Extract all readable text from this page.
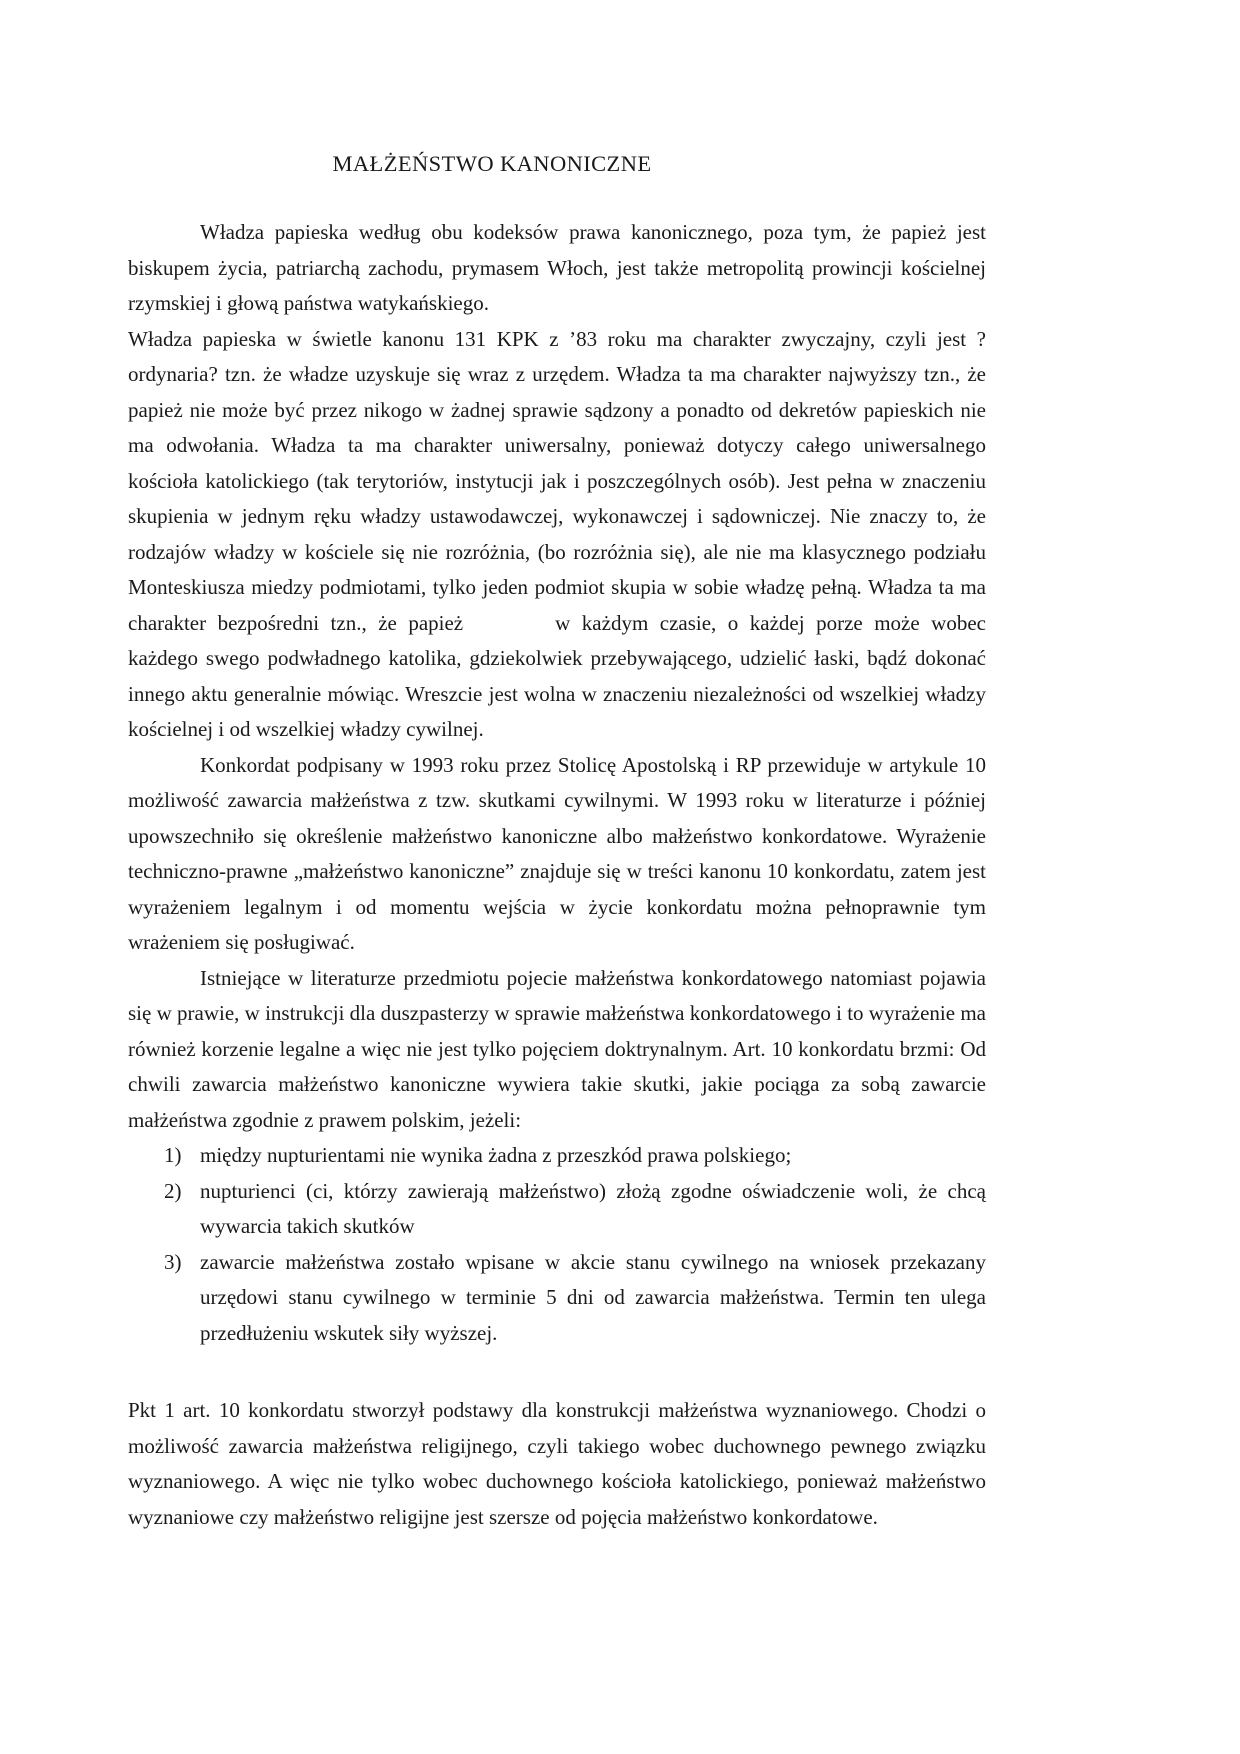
MAŁŻEŃSTWO KANONICZNE

Władza papieska według obu kodeksów prawa kanonicznego, poza tym, że papież jest biskupem życia, patriarchą zachodu, prymasem Włoch, jest także metropolitą prowincji kościelnej rzymskiej i głową państwa watykańskiego.

Władza papieska w świetle kanonu 131 KPK z ’83 roku ma charakter zwyczajny, czyli jest ? ordynaria? tzn. że władze uzyskuje się wraz z urzędem. Władza ta ma charakter najwyższy tzn., że papież nie może być przez nikogo w żadnej sprawie sądzony a ponadto od dekretów papieskich nie ma odwołania. Władza ta ma charakter uniwersalny, ponieważ dotyczy całego uniwersalnego kościoła katolickiego (tak terytoriów, instytucji jak i poszczególnych osób). Jest pełna w znaczeniu skupienia w jednym ręku władzy ustawodawczej, wykonawczej i sądowniczej. Nie znaczy to, że rodzajów władzy w kościele się nie rozróżnia, (bo rozróżnia się), ale nie ma klasycznego podziału Monteskiusza miedzy podmiotami, tylko jeden podmiot skupia w sobie władzę pełną. Władza ta ma charakter bezpośredni tzn., że papież	w każdym czasie, o każdej porze może wobec każdego swego podwładnego katolika, gdziekolwiek przebywającego, udzielić łaski, bądź dokonać innego aktu generalnie mówiąc. Wreszcie jest wolna w znaczeniu niezależności od wszelkiej władzy kościelnej i od wszelkiej władzy cywilnej.

Konkordat podpisany w 1993 roku przez Stolicę Apostolską i RP przewiduje w artykule 10 możliwość zawarcia małżeństwa z tzw. skutkami cywilnymi. W 1993 roku w literaturze i później upowszechniło się określenie małżeństwo kanoniczne albo małżeństwo konkordatowe. Wyrażenie techniczno-prawne „małżeństwo kanoniczne” znajduje się w treści kanonu 10 konkordatu, zatem jest wyrażeniem legalnym i od momentu wejścia w życie konkordatu można pełnoprawnie tym wrażeniem się posługiwać.

Istniejące w literaturze przedmiotu pojecie małżeństwa konkordatowego natomiast pojawia się w prawie, w instrukcji dla duszpasterzy w sprawie małżeństwa konkordatowego i to wyrażenie ma również korzenie legalne a więc nie jest tylko pojęciem doktrynalnym. Art. 10 konkordatu brzmi: Od chwili zawarcia małżeństwo kanoniczne wywiera takie skutki, jakie pociąga za sobą zawarcie małżeństwa zgodnie z prawem polskim, jeżeli:

między nupturientami nie wynika żadna z przeszkód prawa polskiego;
nupturienci (ci, którzy zawierają małżeństwo) złożą zgodne oświadczenie woli, że chcą wywarcia takich skutków
zawarcie małżeństwa zostało wpisane w akcie stanu cywilnego na wniosek przekazany urzędowi stanu cywilnego w terminie 5 dni od zawarcia małżeństwa. Termin ten ulega przedłużeniu wskutek siły wyższej.

Pkt 1 art. 10 konkordatu stworzył podstawy dla konstrukcji małżeństwa wyznaniowego. Chodzi o możliwość zawarcia małżeństwa religijnego, czyli takiego wobec duchownego pewnego związku wyznaniowego. A więc nie tylko wobec duchownego kościoła katolickiego, ponieważ małżeństwo wyznaniowe czy małżeństwo religijne jest szersze od pojęcia małżeństwo konkordatowe.
